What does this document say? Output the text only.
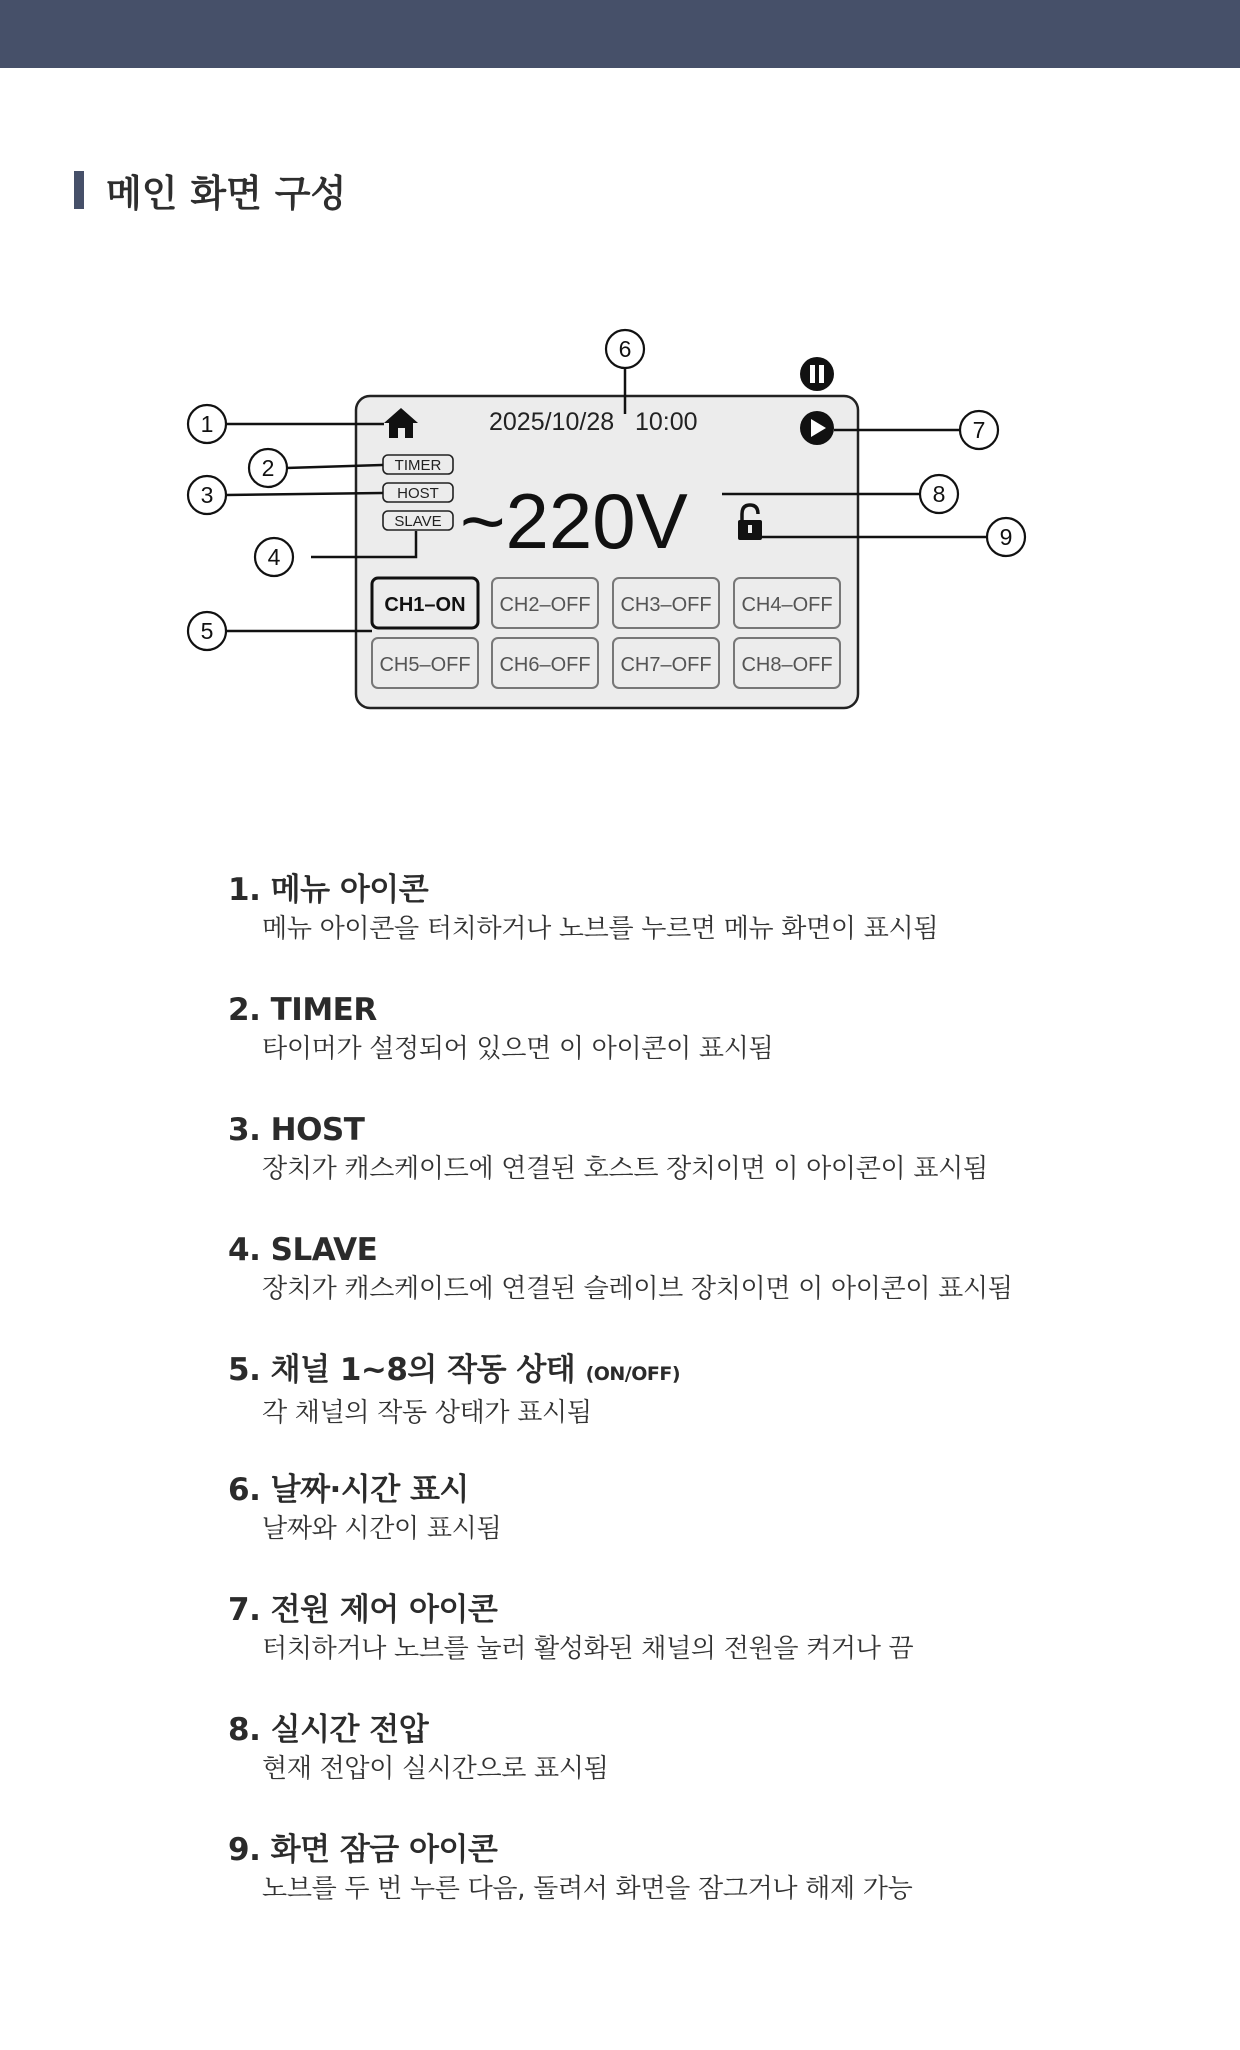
메인 화면 구성
2025/10/28   10:00
TIMER
HOST
SLAVE ~220V
CH1–ON CH2–OFF CH3–OFF CH4–OFF
CH5–OFF CH6–OFF CH7–OFF CH8–OFF
1
2
3
4
5
6
7
8
9
1. 메뉴 아이콘
메뉴 아이콘을 터치하거나 노브를 누르면 메뉴 화면이 표시됨
2. TIMER
타이머가 설정되어 있으면 이 아이콘이 표시됨
3. HOST
장치가 캐스케이드에 연결된 호스트 장치이면 이 아이콘이 표시됨
4. SLAVE
장치가 캐스케이드에 연결된 슬레이브 장치이면 이 아이콘이 표시됨
5. 채널 1~8의 작동 상태 (ON/OFF)
각 채널의 작동 상태가 표시됨
6. 날짜·시간 표시
날짜와 시간이 표시됨
7. 전원 제어 아이콘
터치하거나 노브를 눌러 활성화된 채널의 전원을 켜거나 끔
8. 실시간 전압
현재 전압이 실시간으로 표시됨
9. 화면 잠금 아이콘
노브를 두 번 누른 다음, 돌려서 화면을 잠그거나 해제 가능
